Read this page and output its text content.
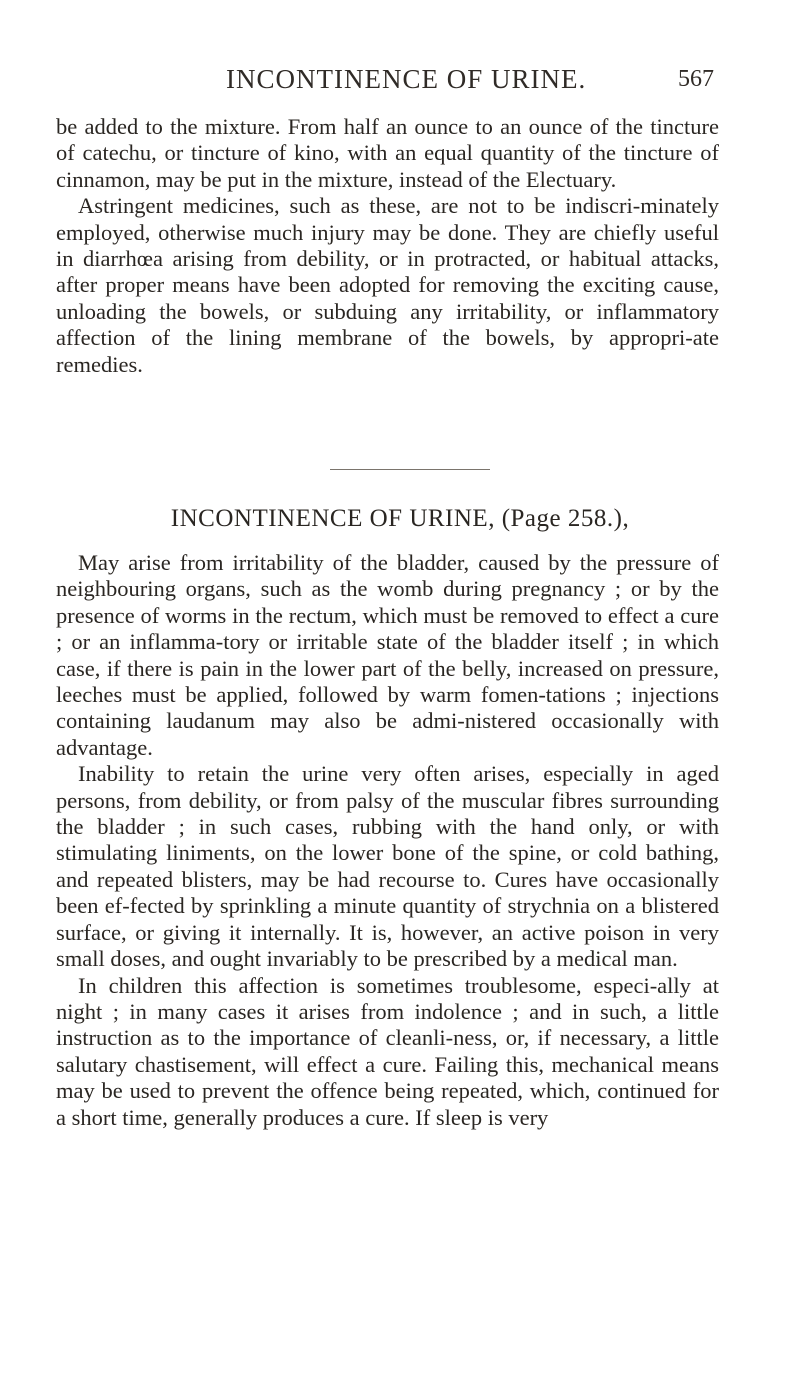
INCONTINENCE OF URINE.	567

be added to the mixture. From half an ounce to an ounce of the tincture of catechu, or tincture of kino, with an equal quantity of the tincture of cinnamon, may be put in the mixture, instead of the Electuary.

Astringent medicines, such as these, are not to be indiscri-minately employed, otherwise much injury may be done. They are chiefly useful in diarrhœa arising from debility, or in protracted, or habitual attacks, after proper means have been adopted for removing the exciting cause, unloading the bowels, or subduing any irritability, or inflammatory affection of the lining membrane of the bowels, by appropri-ate remedies.

INCONTINENCE OF URINE, (Page 258.),

May arise from irritability of the bladder, caused by the pressure of neighbouring organs, such as the womb during pregnancy ; or by the presence of worms in the rectum, which must be removed to effect a cure ; or an inflamma-tory or irritable state of the bladder itself ; in which case, if there is pain in the lower part of the belly, increased on pressure, leeches must be applied, followed by warm fomen-tations ; injections containing laudanum may also be admi-nistered occasionally with advantage.

Inability to retain the urine very often arises, especially in aged persons, from debility, or from palsy of the muscular fibres surrounding the bladder ; in such cases, rubbing with the hand only, or with stimulating liniments, on the lower bone of the spine, or cold bathing, and repeated blisters, may be had recourse to. Cures have occasionally been ef-fected by sprinkling a minute quantity of strychnia on a blistered surface, or giving it internally. It is, however, an active poison in very small doses, and ought invariably to be prescribed by a medical man.

In children this affection is sometimes troublesome, especi-ally at night ; in many cases it arises from indolence ; and in such, a little instruction as to the importance of cleanli-ness, or, if necessary, a little salutary chastisement, will effect a cure. Failing this, mechanical means may be used to prevent the offence being repeated, which, continued for a short time, generally produces a cure. If sleep is very
